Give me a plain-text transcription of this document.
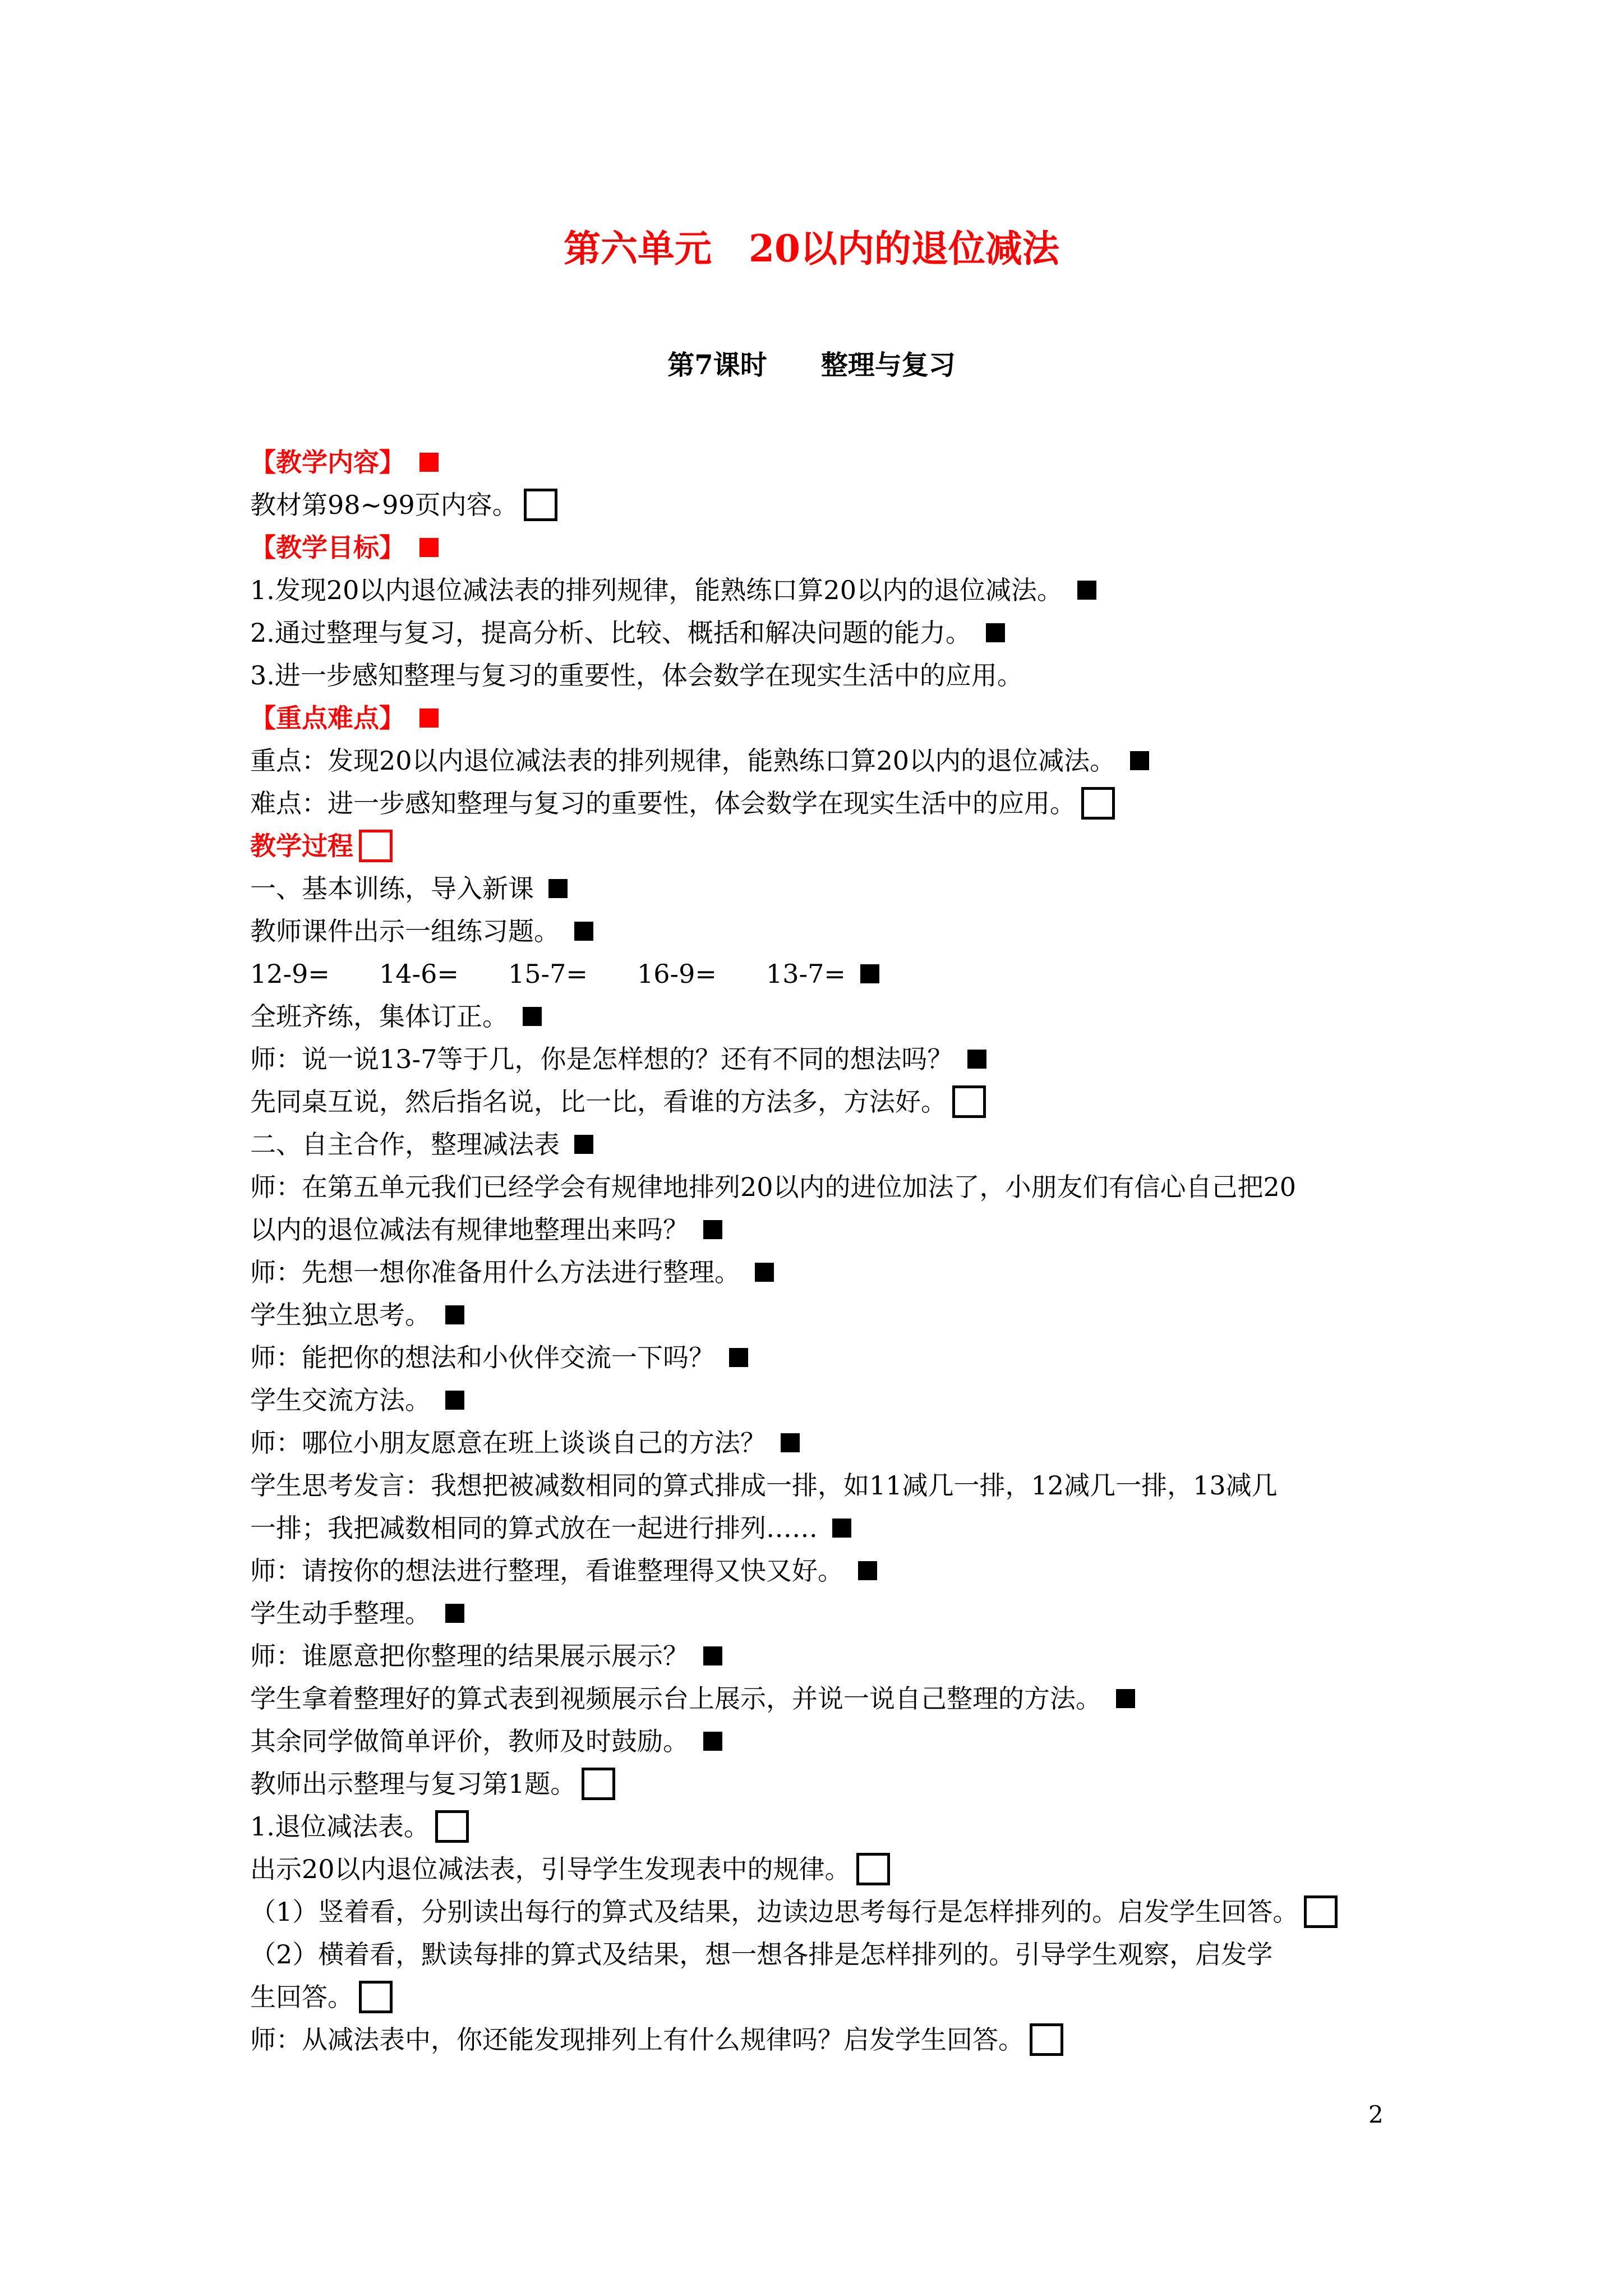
第六单元　20以内的退位减法
第7课时　　整理与复习
【教学内容】
教材第98~99页内容。
【教学目标】
1.发现20以内退位减法表的排列规律，能熟练口算20以内的退位减法。
2.通过整理与复习，提高分析、比较、概括和解决问题的能力。
3.进一步感知整理与复习的重要性，体会数学在现实生活中的应用。
【重点难点】
重点：发现20以内退位减法表的排列规律，能熟练口算20以内的退位减法。
难点：进一步感知整理与复习的重要性，体会数学在现实生活中的应用。
教学过程
一、基本训练，导入新课
教师课件出示一组练习题。
12-9=	14-6=	15-7=	16-9=	13-7=
全班齐练，集体订正。
师：说一说13-7等于几，你是怎样想的？还有不同的想法吗？
先同桌互说，然后指名说，比一比，看谁的方法多，方法好。
二、自主合作，整理减法表
师：在第五单元我们已经学会有规律地排列20以内的进位加法了，小朋友们有信心自己把20
以内的退位减法有规律地整理出来吗？
师：先想一想你准备用什么方法进行整理。
学生独立思考。
师：能把你的想法和小伙伴交流一下吗？
学生交流方法。
师：哪位小朋友愿意在班上谈谈自己的方法？
学生思考发言：我想把被减数相同的算式排成一排，如11减几一排，12减几一排，13减几
一排；我把减数相同的算式放在一起进行排列……
师：请按你的想法进行整理，看谁整理得又快又好。
学生动手整理。
师：谁愿意把你整理的结果展示展示？
学生拿着整理好的算式表到视频展示台上展示，并说一说自己整理的方法。
其余同学做简单评价，教师及时鼓励。
教师出示整理与复习第1题。
1.退位减法表。
出示20以内退位减法表，引导学生发现表中的规律。
（1）竖着看，分别读出每行的算式及结果，边读边思考每行是怎样排列的。启发学生回答。
（2）横着看，默读每排的算式及结果，想一想各排是怎样排列的。引导学生观察，启发学
生回答。
师：从减法表中，你还能发现排列上有什么规律吗？启发学生回答。
2
